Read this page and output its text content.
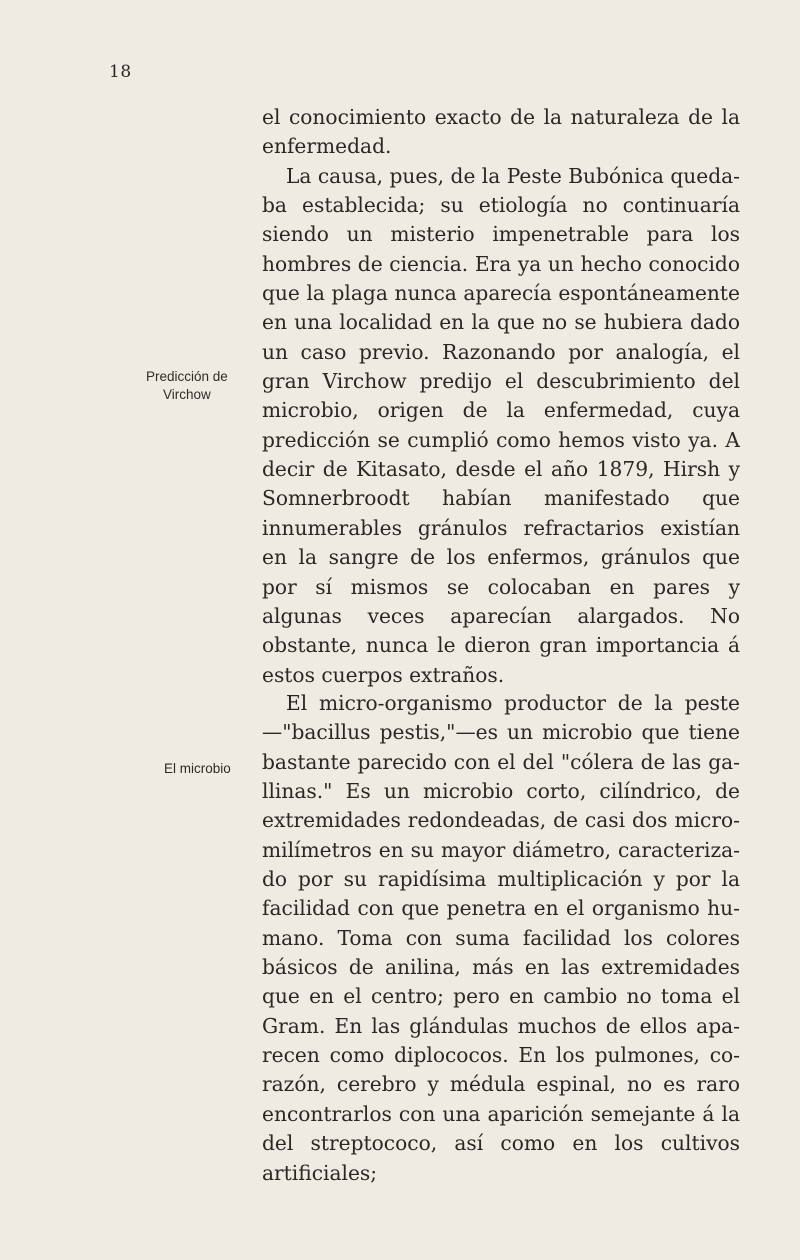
18
Predicción de
Virchow
El microbio

el conocimiento exacto de la naturaleza de la enfermedad.

La causa, pues, de la Peste Bubónica quedaba establecida; su etiología no continuaría siendo un misterio impenetrable para los hombres de ciencia. Era ya un hecho conocido que la plaga nunca aparecía espontáneamente en una localidad en la que no se hubiera dado un caso previo. Razonando por analogía, el gran Virchow predijo el descubrimiento del microbio, origen de la enfermedad, cuya predicción se cumplió como hemos visto ya. A decir de Kitasato, desde el año 1879, Hirsh y Somnerbroodt habían manifestado que innumerables gránulos refractarios existían en la sangre de los enfermos, gránulos que por sí mismos se colocaban en pares y algunas veces aparecían alargados. No obstante, nunca le dieron gran importancia á estos cuerpos extraños.

El micro-organismo productor de la peste —"bacillus pestis,"—es un microbio que tiene bastante parecido con el del "cólera de las gallinas." Es un microbio corto, cilíndrico, de extremidades redondeadas, de casi dos micromilímetros en su mayor diámetro, caracterizado por su rapidísima multiplicación y por la facilidad con que penetra en el organismo humano. Toma con suma facilidad los colores básicos de anilina, más en las extremidades que en el centro; pero en cambio no toma el Gram. En las glándulas muchos de ellos aparecen como diplococos. En los pulmones, corazón, cerebro y médula espinal, no es raro encontrarlos con una aparición semejante á la del streptococo, así como en los cultivos artificiales;
